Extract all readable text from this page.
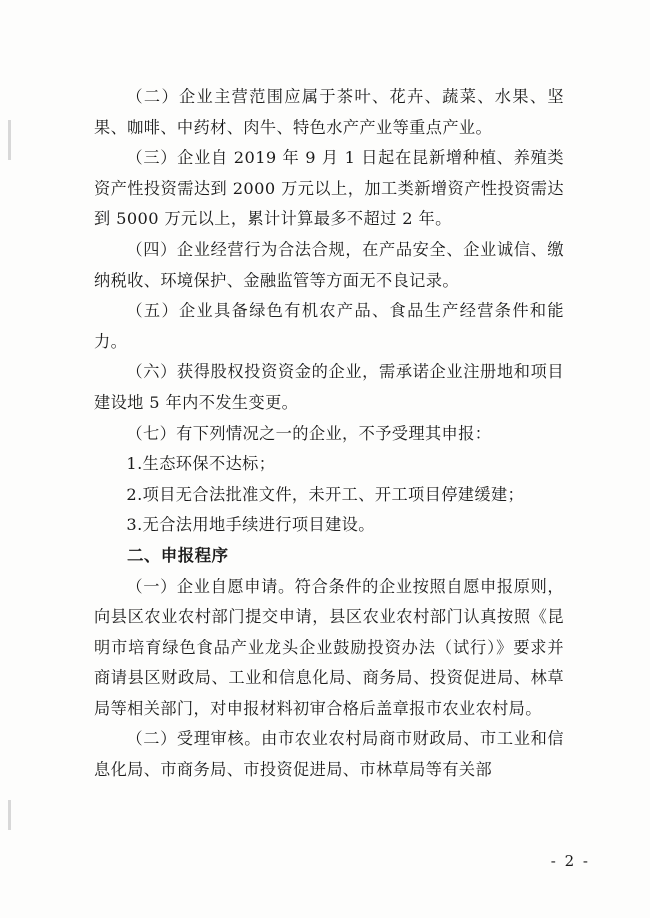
（二）企业主营范围应属于茶叶、花卉、蔬菜、水果、坚果、咖啡、中药材、肉牛、特色水产产业等重点产业。

（三）企业自 2019 年 9 月 1 日起在昆新增种植、养殖类资产性投资需达到 2000 万元以上，加工类新增资产性投资需达到 5000 万元以上，累计计算最多不超过 2 年。

（四）企业经营行为合法合规，在产品安全、企业诚信、缴纳税收、环境保护、金融监管等方面无不良记录。

（五）企业具备绿色有机农产品、食品生产经营条件和能力。

（六）获得股权投资资金的企业，需承诺企业注册地和项目建设地 5 年内不发生变更。

（七）有下列情况之一的企业，不予受理其申报：

1.生态环保不达标；

2.项目无合法批准文件，未开工、开工项目停建缓建；

3.无合法用地手续进行项目建设。

二、申报程序

（一）企业自愿申请。符合条件的企业按照自愿申报原则，向县区农业农村部门提交申请，县区农业农村部门认真按照《昆明市培育绿色食品产业龙头企业鼓励投资办法（试行）》要求并商请县区财政局、工业和信息化局、商务局、投资促进局、林草局等相关部门，对申报材料初审合格后盖章报市农业农村局。

（二）受理审核。由市农业农村局商市财政局、市工业和信息化局、市商务局、市投资促进局、市林草局等有关部

- 2 -
